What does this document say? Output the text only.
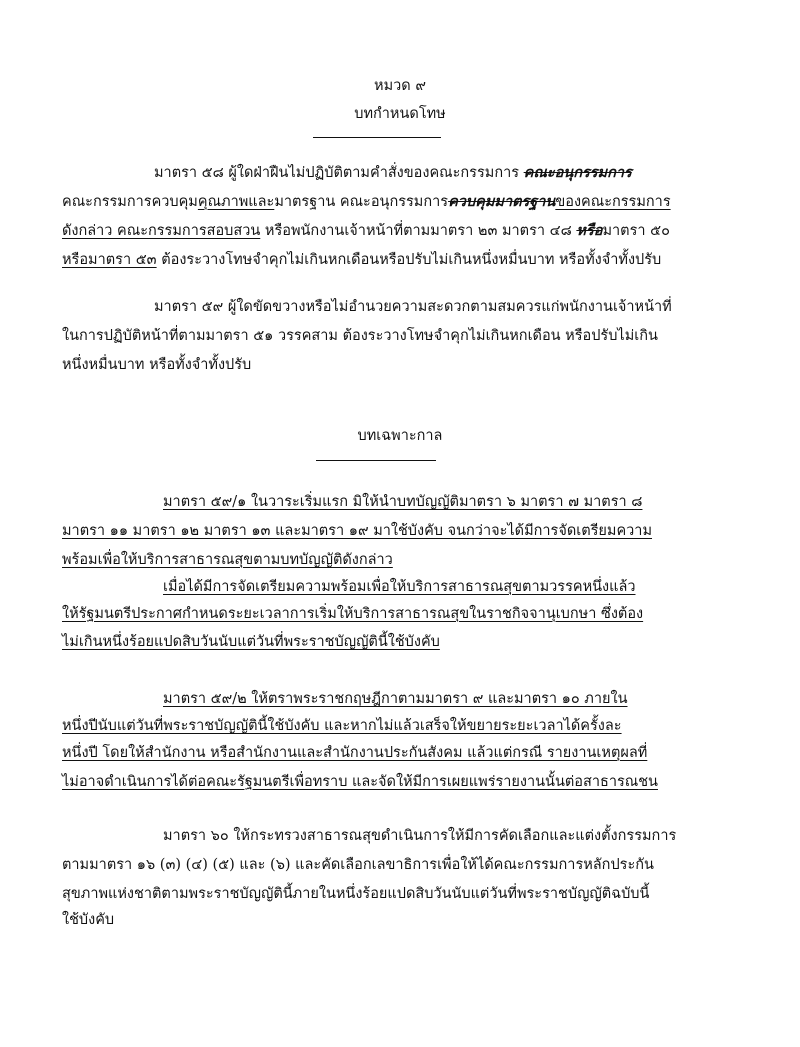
หมวด ๙
บทกำหนดโทษ
มาตรา ๕๘ ผู้ใดฝ่าฝืนไม่ปฏิบัติตามคำสั่งของคณะกรรมการ คณะอนุกรรมการ
คณะกรรมการควบคุมคุณภาพและมาตรฐาน คณะอนุกรรมการควบคุมมาตรฐานของคณะกรรมการ
ดังกล่าว คณะกรรมการสอบสวน หรือพนักงานเจ้าหน้าที่ตามมาตรา ๒๓ มาตรา ๔๘ หรือมาตรา ๕๐
หรือมาตรา ๕๓ ต้องระวางโทษจำคุกไม่เกินหกเดือนหรือปรับไม่เกินหนึ่งหมื่นบาท หรือทั้งจำทั้งปรับ
มาตรา ๕๙ ผู้ใดขัดขวางหรือไม่อำนวยความสะดวกตามสมควรแก่พนักงานเจ้าหน้าที่
ในการปฏิบัติหน้าที่ตามมาตรา ๕๑ วรรคสาม ต้องระวางโทษจำคุกไม่เกินหกเดือน หรือปรับไม่เกิน
หนึ่งหมื่นบาท หรือทั้งจำทั้งปรับ
บทเฉพาะกาล
มาตรา ๕๙/๑ ในวาระเริ่มแรก มิให้นำบทบัญญัติมาตรา ๖ มาตรา ๗ มาตรา ๘
มาตรา ๑๑ มาตรา ๑๒ มาตรา ๑๓ และมาตรา ๑๙ มาใช้บังคับ จนกว่าจะได้มีการจัดเตรียมความ
พร้อมเพื่อให้บริการสาธารณสุขตามบทบัญญัติดังกล่าว
เมื่อได้มีการจัดเตรียมความพร้อมเพื่อให้บริการสาธารณสุขตามวรรคหนึ่งแล้ว
ให้รัฐมนตรีประกาศกำหนดระยะเวลาการเริ่มให้บริการสาธารณสุขในราชกิจจานุเบกษา ซึ่งต้อง
ไม่เกินหนึ่งร้อยแปดสิบวันนับแต่วันที่พระราชบัญญัตินี้ใช้บังคับ
มาตรา ๕๙/๒ ให้ตราพระราชกฤษฎีกาตามมาตรา ๙ และมาตรา ๑๐ ภายใน
หนึ่งปีนับแต่วันที่พระราชบัญญัตินี้ใช้บังคับ และหากไม่แล้วเสร็จให้ขยายระยะเวลาได้ครั้งละ
หนึ่งปี โดยให้สำนักงาน หรือสำนักงานและสำนักงานประกันสังคม แล้วแต่กรณี รายงานเหตุผลที่
ไม่อาจดำเนินการได้ต่อคณะรัฐมนตรีเพื่อทราบ และจัดให้มีการเผยแพร่รายงานนั้นต่อสาธารณชน
มาตรา ๖๐ ให้กระทรวงสาธารณสุขดำเนินการให้มีการคัดเลือกและแต่งตั้งกรรมการ
ตามมาตรา ๑๖ (๓) (๔) (๕) และ (๖) และคัดเลือกเลขาธิการเพื่อให้ได้คณะกรรมการหลักประกัน
สุขภาพแห่งชาติตามพระราชบัญญัตินี้ภายในหนึ่งร้อยแปดสิบวันนับแต่วันที่พระราชบัญญัติฉบับนี้
ใช้บังคับ
